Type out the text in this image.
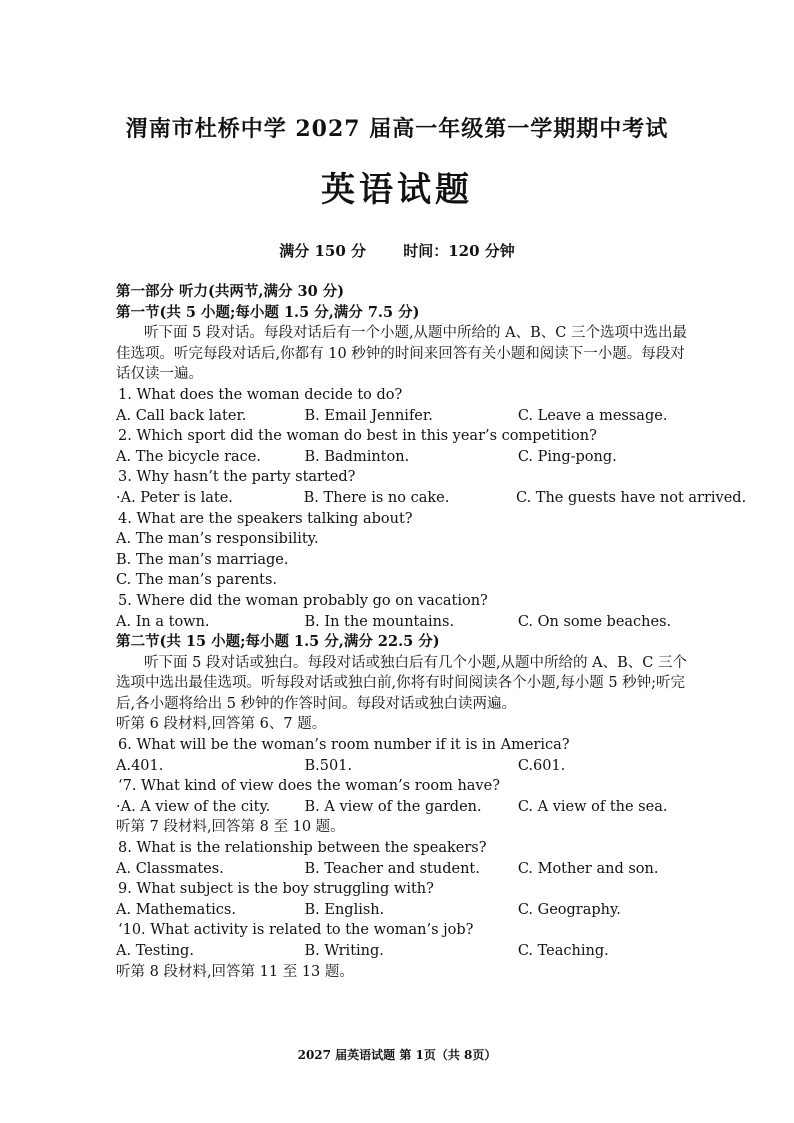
渭南市杜桥中学 2027 届高一年级第一学期期中考试
英语试题
满分 150 分 时间：120 分钟
第一部分 听力(共两节,满分 30 分)
第一节(共 5 小题;每小题 1.5 分,满分 7.5 分)
听下面 5 段对话。每段对话后有一个小题,从题中所给的 A、B、C 三个选项中选出最
佳选项。听完每段对话后,你都有 10 秒钟的时间来回答有关小题和阅读下一小题。每段对
话仅读一遍。
1. What does the woman decide to do?
A. Call back later.	B. Email Jennifer.	C. Leave a message.
2. Which sport did the woman do best in this year’s competition?
A. The bicycle race.	B. Badminton.	C. Ping-pong.
3. Why hasn’t the party started?
·A. Peter is late.	B. There is no cake.	C. The guests have not arrived.
4. What are the speakers talking about?
A. The man’s responsibility.
B. The man’s marriage.
C. The man’s parents.
5. Where did the woman probably go on vacation?
A. In a town.	B. In the mountains.	C. On some beaches.
第二节(共 15 小题;每小题 1.5 分,满分 22.5 分)
听下面 5 段对话或独白。每段对话或独白后有几个小题,从题中所给的 A、B、C 三个
选项中选出最佳选项。听每段对话或独白前,你将有时间阅读各个小题,每小题 5 秒钟;听完
后,各小题将给出 5 秒钟的作答时间。每段对话或独白读两遍。
听第 6 段材料,回答第 6、7 题。
6. What will be the woman’s room number if it is in America?
A.401.	B.501.	C.601.
‘7. What kind of view does the woman’s room have?
·A. A view of the city.	B. A view of the garden.	C. A view of the sea.
听第 7 段材料,回答第 8 至 10 题。
8. What is the relationship between the speakers?
A. Classmates.	B. Teacher and student.	C. Mother and son.
9. What subject is the boy struggling with?
A. Mathematics.	B. English.	C. Geography.
‘10. What activity is related to the woman’s job?
A. Testing.	B. Writing.	C. Teaching.
听第 8 段材料,回答第 11 至 13 题。
2027 届英语试题 第 1页（共 8页）
